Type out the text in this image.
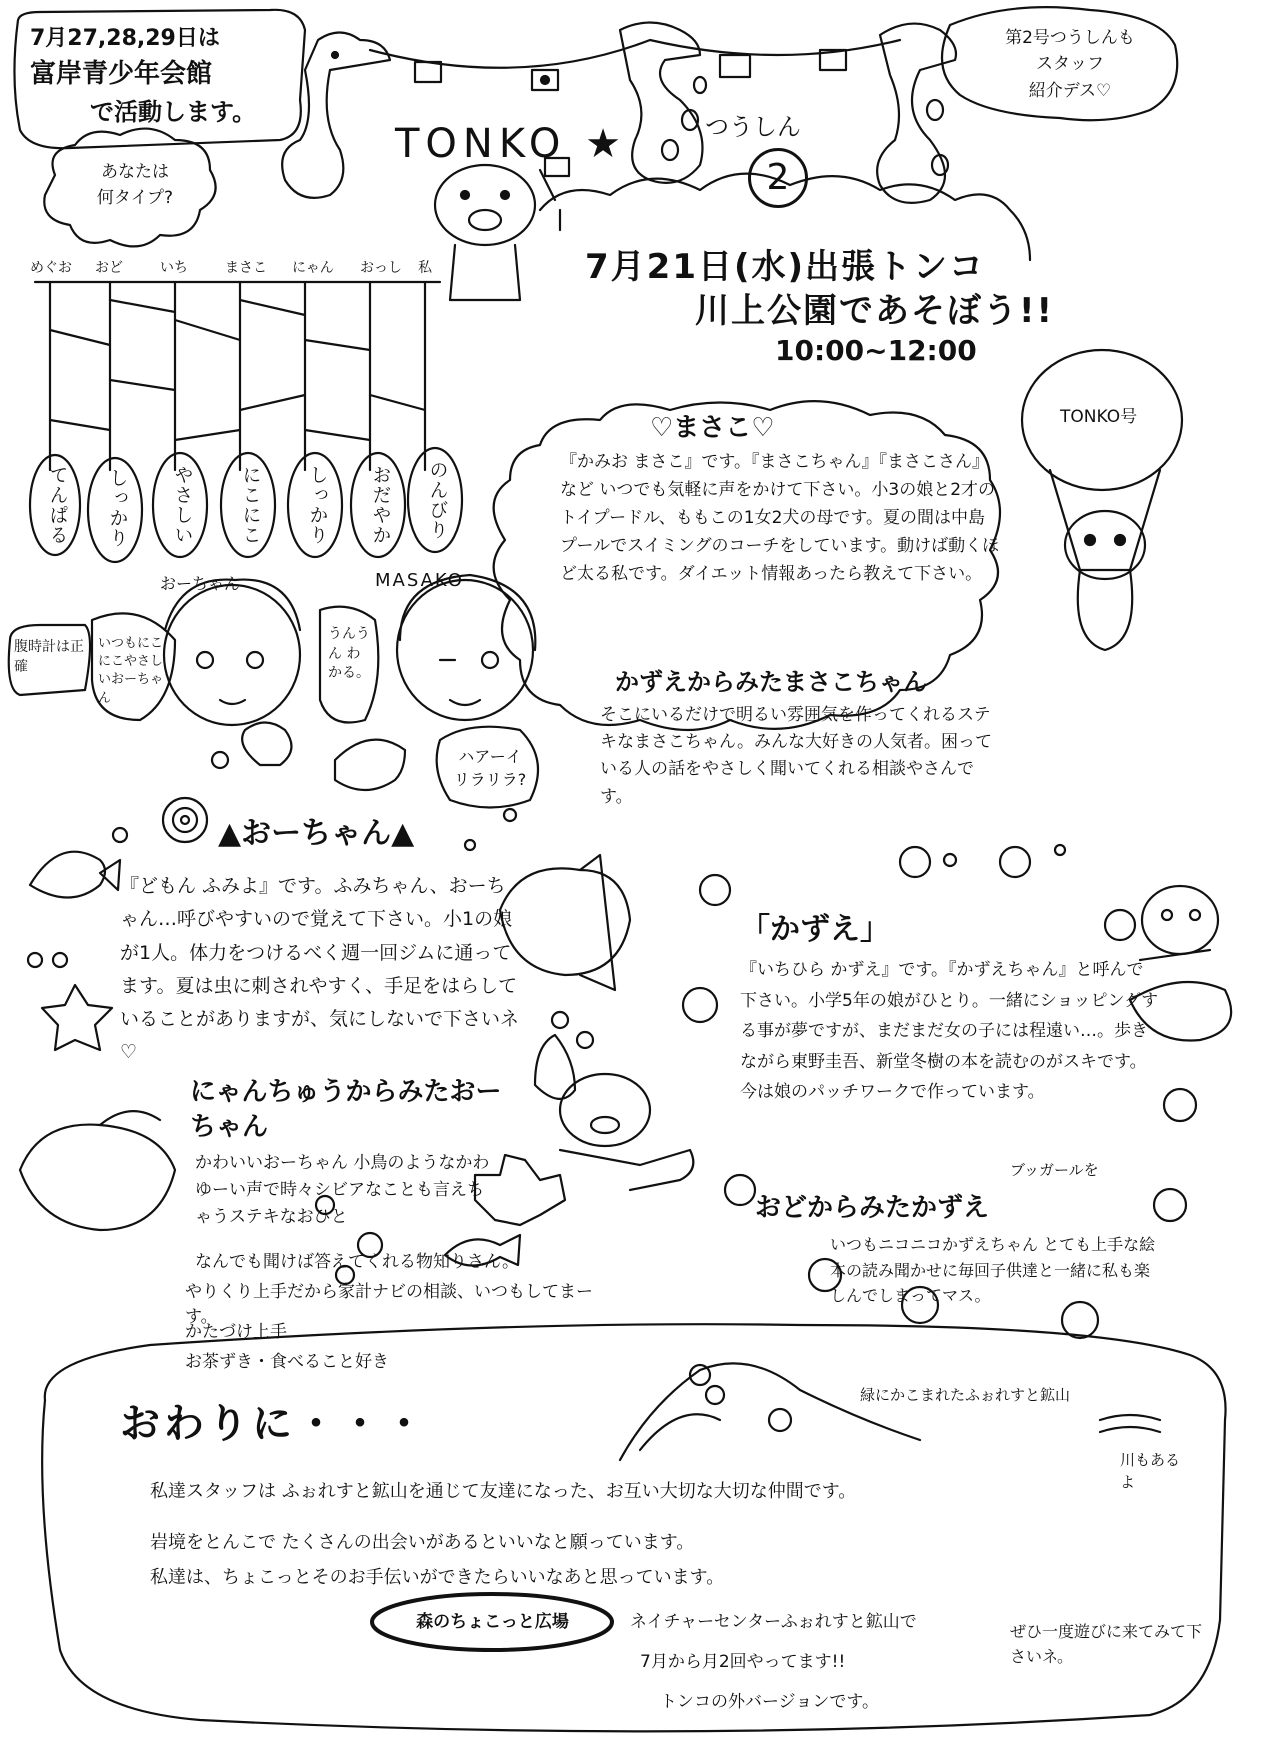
7月27,28,29日は
富岸青少年会館
で活動します。
TONKO ★	つうしん
2
第2号つうしんも
スタッフ
紹介デス♡
あなたは
何タイプ?
めぐお おど	いち	まさこ にゃん おっし 私
てんぱる しっかり やさしい にこにこ しっかり おだやか のんびり
7月21日(水)出張トンコ
川上公園であそぼう!!
10:00~12:00
TONKO号
おーちゃん	MASAKO
腹時計は正確
いつもにこにこやさしいおーちゃん
うんうん わかる。
ハアーイ リラリラ?
♡まさこ♡
『かみお まさこ』です。『まさこちゃん』『まさこさん』など いつでも気軽に声をかけて下さい。小3の娘と2才のトイプードル、ももこの1女2犬の母です。夏の間は中島プールでスイミングのコーチをしています。動けば動くほど太る私です。ダイエット情報あったら教えて下さい。
かずえからみたまさこちゃん
そこにいるだけで明るい雰囲気を作ってくれるステキなまさこちゃん。みんな大好きの人気者。困っている人の話をやさしく聞いてくれる相談やさんです。
▲おーちゃん▲
『どもん ふみよ』です。ふみちゃん、おーちゃん…呼びやすいので覚えて下さい。小1の娘が1人。体力をつけるべく週一回ジムに通ってます。夏は虫に刺されやすく、手足をはらしていることがありますが、気にしないで下さいネ♡
にゃんちゅうからみたおーちゃん
かわいいおーちゃん 小鳥のようなかわゆーい声で時々シビアなことも言えちゃうステキなおひと
なんでも聞けば答えてくれる物知りさん。
やりくり上手だから家計ナビの相談、いつもしてまーす。
かたづけ上手
お茶ずき・食べること好き
「かずえ」
『いちひら かずえ』です。『かずえちゃん』と呼んで下さい。小学5年の娘がひとり。一緒にショッピングする事が夢ですが、まだまだ女の子には程遠い…。歩きながら東野圭吾、新堂冬樹の本を読むのがスキです。今は娘のパッチワークで作っています。
ブッガールを
おどからみたかずえ
いつもニコニコかずえちゃん とても上手な絵本の読み聞かせに毎回子供達と一緒に私も楽しんでしまってマス。
おわりに・・・
緑にかこまれたふぉれすと鉱山
川もあるよ
私達スタッフは ふぉれすと鉱山を通じて友達になった、お互い大切な大切な仲間です。
岩境をとんこで たくさんの出会いがあるといいなと願っています。
私達は、ちょこっとそのお手伝いができたらいいなあと思っています。
森のちょこっと広場	ネイチャーセンターふぉれすと鉱山で
7月から月2回やってます!!
トンコの外バージョンです。
ぜひ一度遊びに来てみて下さいネ。
